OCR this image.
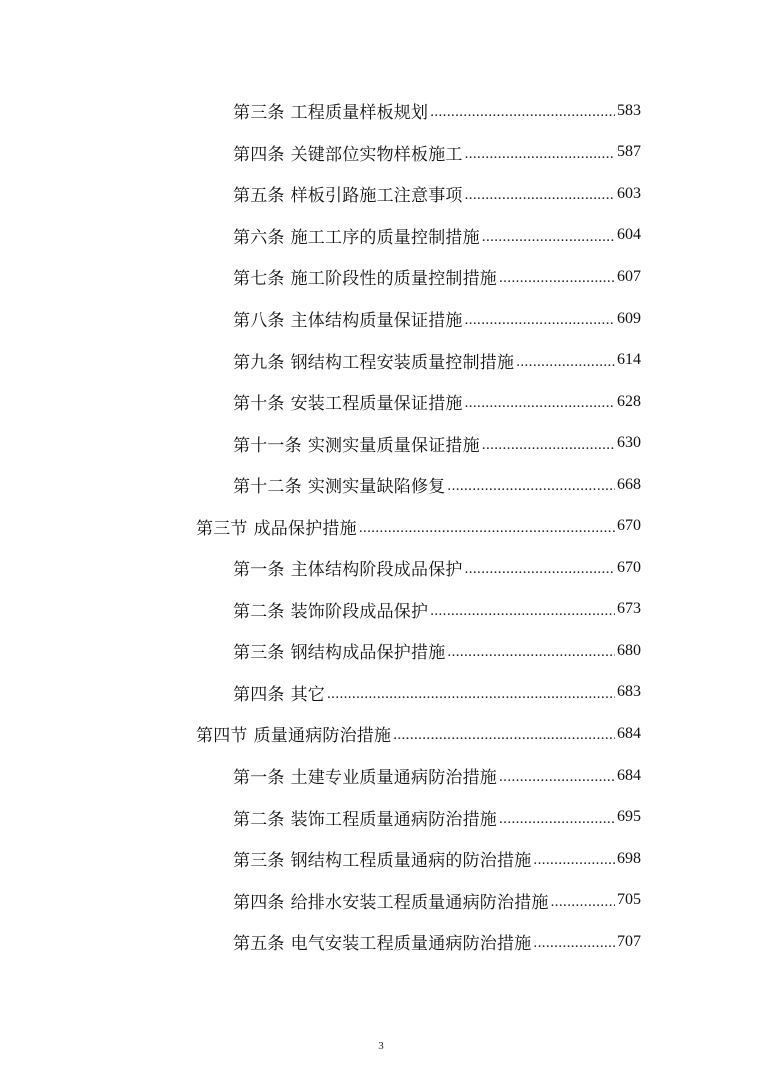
第三条 工程质量样板规划 .....	583
第四条 关键部位实物样板施工 .....	587
第五条 样板引路施工注意事项 .....	603
第六条 施工工序的质量控制措施 .....	604
第七条 施工阶段性的质量控制措施 .....	607
第八条 主体结构质量保证措施 .....	609
第九条 钢结构工程安装质量控制措施 .....	614
第十条 安装工程质量保证措施 .....	628
第十一条 实测实量质量保证措施 .....	630
第十二条 实测实量缺陷修复 .....	668
第三节 成品保护措施 .....	670
第一条 主体结构阶段成品保护 .....	670
第二条 装饰阶段成品保护 .....	673
第三条 钢结构成品保护措施 .....	680
第四条 其它 .....	683
第四节 质量通病防治措施 .....	684
第一条 土建专业质量通病防治措施 .....	684
第二条 装饰工程质量通病防治措施 .....	695
第三条 钢结构工程质量通病的防治措施 .....	698
第四条 给排水安装工程质量通病防治措施 .....	705
第五条 电气安装工程质量通病防治措施 .....	707
3
